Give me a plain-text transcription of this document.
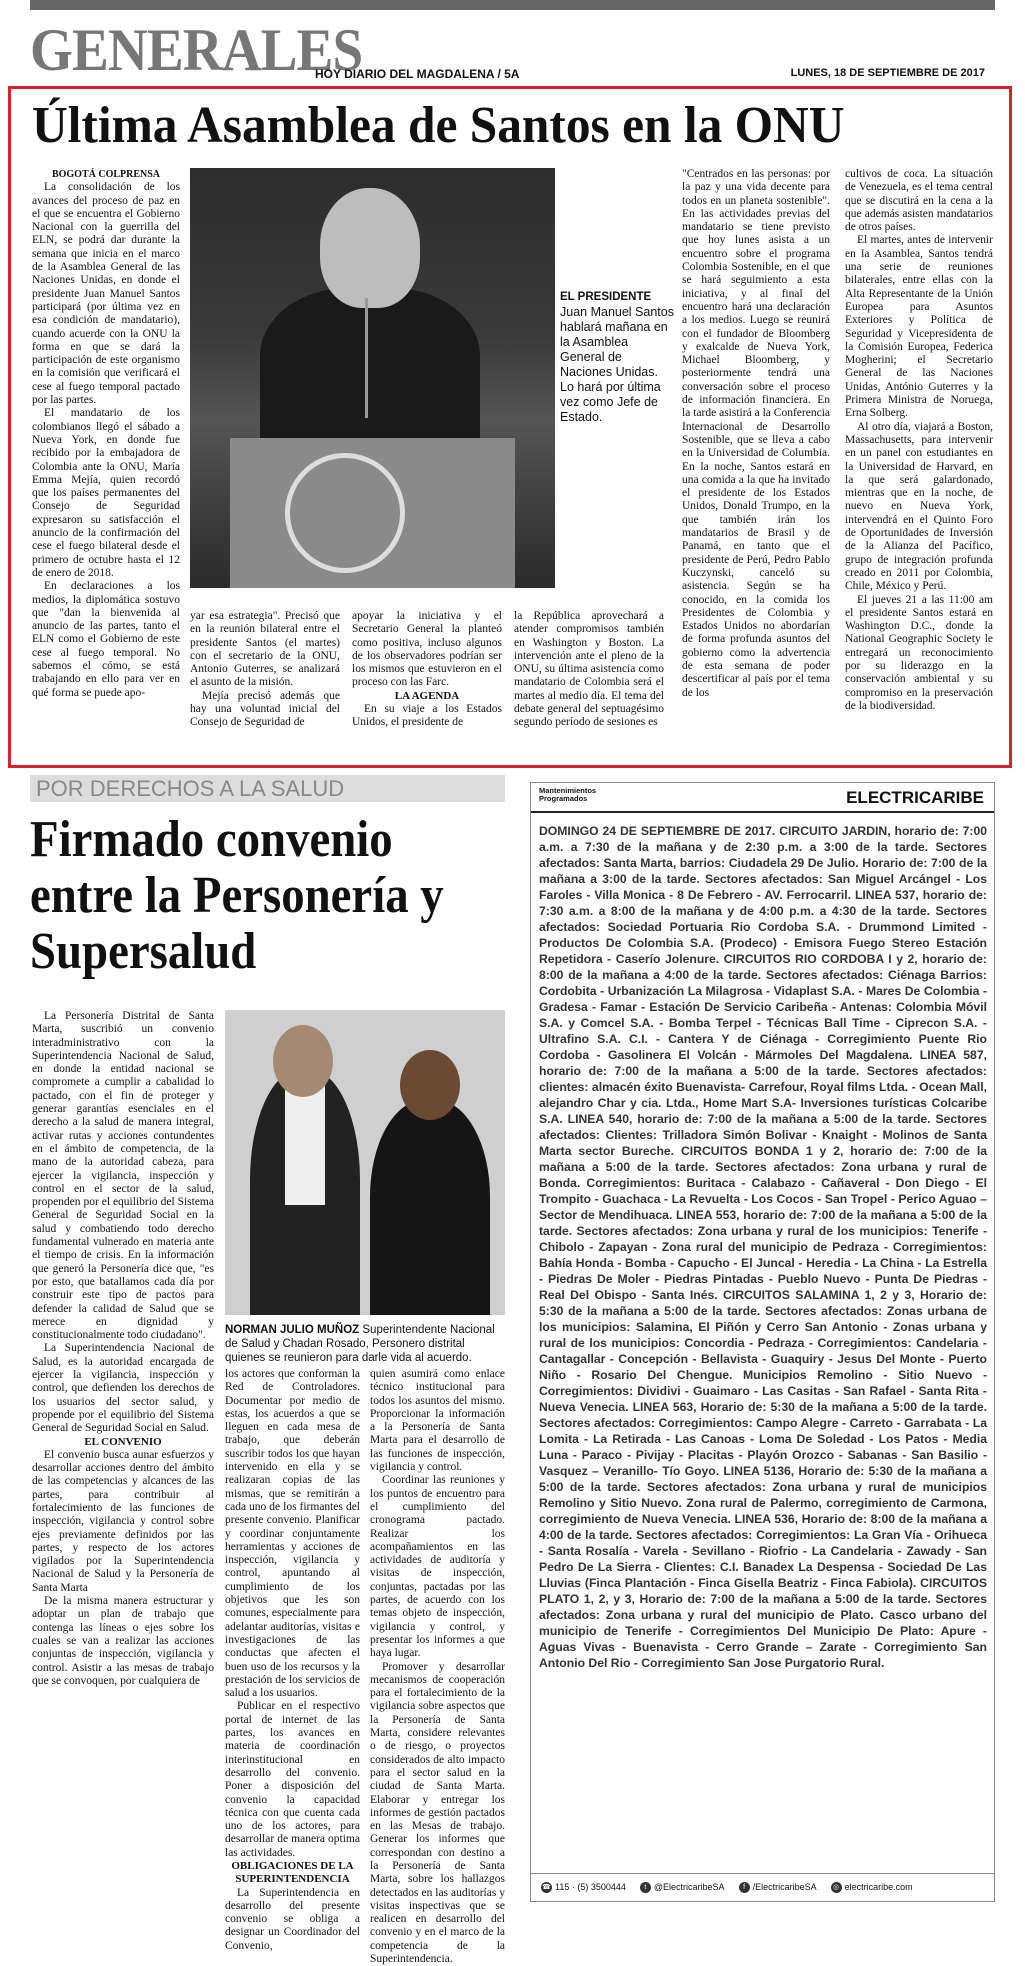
GENERALES
HOY DIARIO DEL MAGDALENA / 5A	LUNES, 18 DE SEPTIEMBRE DE 2017
Última Asamblea de Santos en la ONU
BOGOTÁ COLPRENSA

La consolidación de los avances del proceso de paz en el que se encuentra el Gobierno Nacional con la guerrilla del ELN, se podrá dar durante la semana que inicia en el marco de la Asamblea General de las Naciones Unidas, en donde el presidente Juan Manuel Santos participará (por última vez en esa condición de mandatario), cuando acuerde con la ONU la forma en que se dará la participación de este organismo en la comisión que verificará el cese al fuego temporal pactado por las partes.

El mandatario de los colombianos llegó el sábado a Nueva York, en donde fue recibido por la embajadora de Colombia ante la ONU, María Emma Mejía, quien recordó que los países permanentes del Consejo de Seguridad expresaron su satisfacción el anuncio de la confirmación del cese el fuego bilateral desde el primero de octubre hasta el 12 de enero de 2018.

En declaraciones a los medios, la diplomática sostuvo que "dan la bienvenida al anuncio de las partes, tanto el ELN como el Gobierno de este cese al fuego temporal. No sabemos el cómo, se está trabajando en ello para ver en qué forma se puede apo-

EL PRESIDENTE
Juan Manuel Santos hablará mañana en la Asamblea General de Naciones Unidas. Lo hará por última vez como Jefe de Estado.

yar esa estrategia". Precisó que en la reunión bilateral entre el presidente Santos (el martes) con el secretario de la ONU, Antonio Guterres, se analizará el asunto de la misión.

Mejía precisó además que hay una voluntad inicial del Consejo de Seguridad de

apoyar la iniciativa y el Secretario General la planteó como positiva, incluso algunos de los observadores podrían ser los mismos que estuvieron en el proceso con las Farc.

LA AGENDA

En su viaje a los Estados Unidos, el presidente de

la República aprovechará a atender compromisos también en Washington y Boston. La intervención ante el pleno de la ONU, su última asistencia como mandatario de Colombia será el martes al medio día. El tema del debate general del septuagésimo segundo período de sesiones es

"Centrados en las personas: por la paz y una vida decente para todos en un planeta sostenible". En las actividades previas del mandatario se tiene previsto que hoy lunes asista a un encuentro sobre el programa Colombia Sostenible, en el que se hará seguimiento a esta iniciativa, y al final del encuentro hará una declaración a los medios. Luego se reunirá con el fundador de Bloomberg y exalcalde de Nueva York, Michael Bloomberg, y posteriormente tendrá una conversación sobre el proceso de información financiera. En la tarde asistirá a la Conferencia Internacional de Desarrollo Sostenible, que se lleva a cabo en la Universidad de Columbia. En la noche, Santos estará en una comida a la que ha invitado el presidente de los Estados Unidos, Donald Trumpo, en la que también irán los mandatarios de Brasil y de Panamá, en tanto que el presidente de Perú, Pedro Pablo Kuczynski, canceló su asistencia. Según se ha conocido, en la comida los Presidentes de Colombia y Estados Unidos no abordarían de forma profunda asuntos del gobierno como la advertencia de esta semana de poder descertificar al país por el tema de los

cultivos de coca. La situación de Venezuela, es el tema central que se discutirá en la cena a la que además asisten mandatarios de otros países.

El martes, antes de intervenir en la Asamblea, Santos tendrá una serie de reuniones bilaterales, entre ellas con la Alta Representante de la Unión Europea para Asuntos Exteriores y Política de Seguridad y Vicepresidenta de la Comisión Europea, Federica Mogherini; el Secretario General de las Naciones Unidas, António Guterres y la Primera Ministra de Noruega, Erna Solberg.

Al otro día, viajará a Boston, Massachusetts, para intervenir en un panel con estudiantes en la Universidad de Harvard, en la que será galardonado, mientras que en la noche, de nuevo en Nueva York, intervendrá en el Quinto Foro de Oportunidades de Inversión de la Alianza del Pacífico, grupo de integración profunda creado en 2011 por Colombia, Chile, México y Perú.

El jueves 21 a las 11:00 am el presidente Santos estará en Washington D.C., donde la National Geographic Society le entregará un reconocimiento por su liderazgo en la conservación ambiental y su compromiso en la preservación de la biodiversidad.

POR DERECHOS A LA SALUD
Firmado convenio entre la Personería y Supersalud

La Personería Distrital de Santa Marta, suscribió un convenio interadministrativo con la Superintendencia Nacional de Salud, en donde la entidad nacional se compromete a cumplir a cabalidad lo pactado, con el fin de proteger y generar garantías esenciales en el derecho a la salud de manera integral, activar rutas y acciones contundentes en el ámbito de competencia, de la mano de la autoridad cabeza, para ejercer la vigilancia, inspección y control en el sector de la salud, propenden por el equilibrio del Sistema General de Seguridad Social en la salud y combatiendo todo derecho fundamental vulnerado en materia ante el tiempo de crisis. En la información que generó la Personería dice que, "es por esto, que batallamos cada día por construir este tipo de pactos para defender la calidad de Salud que se merece en dignidad y constitucionalmente todo ciudadano".

La Superintendencia Nacional de Salud, es la autoridad encargada de ejercer la vigilancia, inspección y control, que defienden los derechos de los usuarios del sector salud, y propende por el equilibrio del Sistema General de Seguridad Social en Salud.

EL CONVENIO

El convenio busca aunar esfuerzos y desarrollar acciones dentro del ámbito de las competencias y alcances de las partes, para contribuir al fortalecimiento de las funciones de inspección, vigilancia y control sobre ejes previamente definidos por las partes, y respecto de los actores vigilados por la Superintendencia Nacional de Salud y la Personería de Santa Marta

De la misma manera estructurar y adoptar un plan de trabajo que contenga las líneas o ejes sobre los cuales se van a realizar las acciones conjuntas de inspección, vigilancia y control. Asistir a las mesas de trabajo que se convoquen, por cualquiera de

NORMAN JULIO MUÑOZ Superintendente Nacional de Salud y Chadan Rosado, Personero distrital quienes se reunieron para darle vida al acuerdo.

los actores que conforman la Red de Controladores. Documentar por medio de estas, los acuerdos a que se lleguen en cada mesa de trabajo, que deberán suscribir todos los que hayan intervenido en ella y se realizaran copias de las mismas, que se remitirán a cada uno de los firmantes del presente convenio. Planificar y coordinar conjuntamente herramientas y acciones de inspección, vigilancia y control, apuntando al cumplimiento de los objetivos que les son comunes, especialmente para adelantar auditorías, visitas e investigaciones de las conductas que afecten el buen uso de los recursos y la prestación de los servicios de salud a los usuarios.

Publicar en el respectivo portal de internet de las partes, los avances en materia de coordinación interinstitucional en desarrollo del convenio. Poner a disposición del convenio la capacidad técnica con que cuenta cada uno de los actores, para desarrollar de manera optima las actividades.

OBLIGACIONES DE LA SUPERINTENDENCIA

La Superintendencia en desarrollo del presente convenio se obliga a designar un Coordinador del Convenio,

quien asumirá como enlace técnico institucional para todos los asuntos del mismo. Proporcionar la información a la Personería de Santa Marta para el desarrollo de las funciones de inspección, vigilancia y control.

Coordinar las reuniones y los puntos de encuentro para el cumplimiento del cronograma pactado. Realizar los acompañamientos en las actividades de auditoría y visitas de inspección, conjuntas, pactadas por las partes, de acuerdo con los temas objeto de inspección, vigilancia y control, y presentar los informes a que haya lugar.

Promover y desarrollar mecanismos de cooperación para el fortalecimiento de la vigilancia sobre aspectos que la Personería de Santa Marta, considere relevantes o de riesgo, o proyectos considerados de alto impacto para el sector salud en la ciudad de Santa Marta. Elaborar y entregar los informes de gestión pactados en las Mesas de trabajo. Generar los informes que correspondan con destino a la Personería de Santa Marta, sobre los hallazgos detectados en las auditorías y visitas inspectivas que se realicen en desarrollo del convenio y en el marco de la competencia de la Superintendencia.

Mantenimientos Programados	ELECTRICARIBE
DOMINGO 24 DE SEPTIEMBRE DE 2017. CIRCUITO JARDIN, horario de: 7:00 a.m. a 7:30 de la mañana y de 2:30 p.m. a 3:00 de la tarde. Sectores afectados: Santa Marta, barrios: Ciudadela 29 De Julio. Horario de: 7:00 de la mañana a 3:00 de la tarde. Sectores afectados: San Miguel Arcángel - Los Faroles - Villa Monica - 8 De Febrero - AV. Ferrocarril. LINEA 537, horario de: 7:30 a.m. a 8:00 de la mañana y de 4:00 p.m. a 4:30 de la tarde. Sectores afectados: Sociedad Portuaria Rio Cordoba S.A. - Drummond Limited - Productos De Colombia S.A. (Prodeco) - Emisora Fuego Stereo Estación Repetidora - Caserío Jolenure. CIRCUITOS RIO CORDOBA I y 2, horario de: 8:00 de la mañana a 4:00 de la tarde. Sectores afectados: Ciénaga Barrios: Cordobita - Urbanización La Milagrosa - Vidaplast S.A. - Mares De Colombia - Gradesa - Famar - Estación De Servicio Caribeña - Antenas: Colombia Móvil S.A. y Comcel S.A. - Bomba Terpel - Técnicas Ball Time - Ciprecon S.A. - Ultrafino S.A. C.I. - Cantera Y de Ciénaga - Corregimiento Puente Rio Cordoba - Gasolinera El Volcán - Mármoles Del Magdalena. LINEA 587, horario de: 7:00 de la mañana a 5:00 de la tarde. Sectores afectados: clientes: almacén éxito Buenavista- Carrefour, Royal films Ltda. - Ocean Mall, alejandro Char y cia. Ltda., Home Mart S.A- Inversiones turísticas Colcaribe S.A. LINEA 540, horario de: 7:00 de la mañana a 5:00 de la tarde. Sectores afectados: Clientes: Trilladora Simón Bolivar - Knaight - Molinos de Santa Marta sector Bureche. CIRCUITOS BONDA 1 y 2, horario de: 7:00 de la mañana a 5:00 de la tarde. Sectores afectados: Zona urbana y rural de Bonda. Corregimientos: Buritaca - Calabazo - Cañaveral - Don Diego - El Trompito - Guachaca - La Revuelta - Los Cocos - San Tropel - Perico Aguao – Sector de Mendihuaca. LINEA 553, horario de: 7:00 de la mañana a 5:00 de la tarde. Sectores afectados: Zona urbana y rural de los municipios: Tenerife - Chibolo - Zapayan - Zona rural del municipio de Pedraza - Corregimientos: Bahía Honda - Bomba - Capucho - El Juncal - Heredia - La China - La Estrella - Piedras De Moler - Piedras Pintadas - Pueblo Nuevo - Punta De Piedras - Real Del Obispo - Santa Inés. CIRCUITOS SALAMINA 1, 2 y 3, Horario de: 5:30 de la mañana a 5:00 de la tarde. Sectores afectados: Zonas urbana de los municipios: Salamina, El Piñón y Cerro San Antonio - Zonas urbana y rural de los municipios: Concordia - Pedraza - Corregimientos: Candelaria - Cantagallar - Concepción - Bellavista - Guaquiry - Jesus Del Monte - Puerto Niño - Rosario Del Chengue. Municipios Remolino - Sitio Nuevo - Corregimientos: Dividivi - Guaimaro - Las Casitas - San Rafael - Santa Rita - Nueva Venecia. LINEA 563, Horario de: 5:30 de la mañana a 5:00 de la tarde. Sectores afectados: Corregimientos: Campo Alegre - Carreto - Garrabata - La Lomita - La Retirada - Las Canoas - Loma De Soledad - Los Patos - Media Luna - Paraco - Pivijay - Placitas - Playón Orozco - Sabanas - San Basilio - Vasquez – Veranillo- Tío Goyo. LINEA 5136, Horario de: 5:30 de la mañana a 5:00 de la tarde. Sectores afectados: Zona urbana y rural de municipios Remolino y Sitio Nuevo. Zona rural de Palermo, corregimiento de Carmona, corregimiento de Nueva Venecia. LINEA 536, Horario de: 8:00 de la mañana a 4:00 de la tarde. Sectores afectados: Corregimientos: La Gran Vía - Orihueca - Santa Rosalía - Varela - Sevillano - Riofrio - La Candelaria - Zawady - San Pedro De La Sierra - Clientes: C.I. Banadex La Despensa - Sociedad De Las Lluvias (Finca Plantación - Finca Gisella Beatriz - Finca Fabiola). CIRCUITOS PLATO 1, 2, y 3, Horario de: 7:00 de la mañana a 5:00 de la tarde. Sectores afectados: Zona urbana y rural del municipio de Plato. Casco urbano del municipio de Tenerife - Corregimientos Del Municipio De Plato: Apure - Aguas Vivas - Buenavista - Cerro Grande – Zarate - Corregimiento San Antonio Del Rio - Corregimiento San Jose Purgatorio Rural.
☎ 115 · (5) 3500444	t @ElectricaribeSA	f /ElectricaribeSA	◎ electricaribe.com
